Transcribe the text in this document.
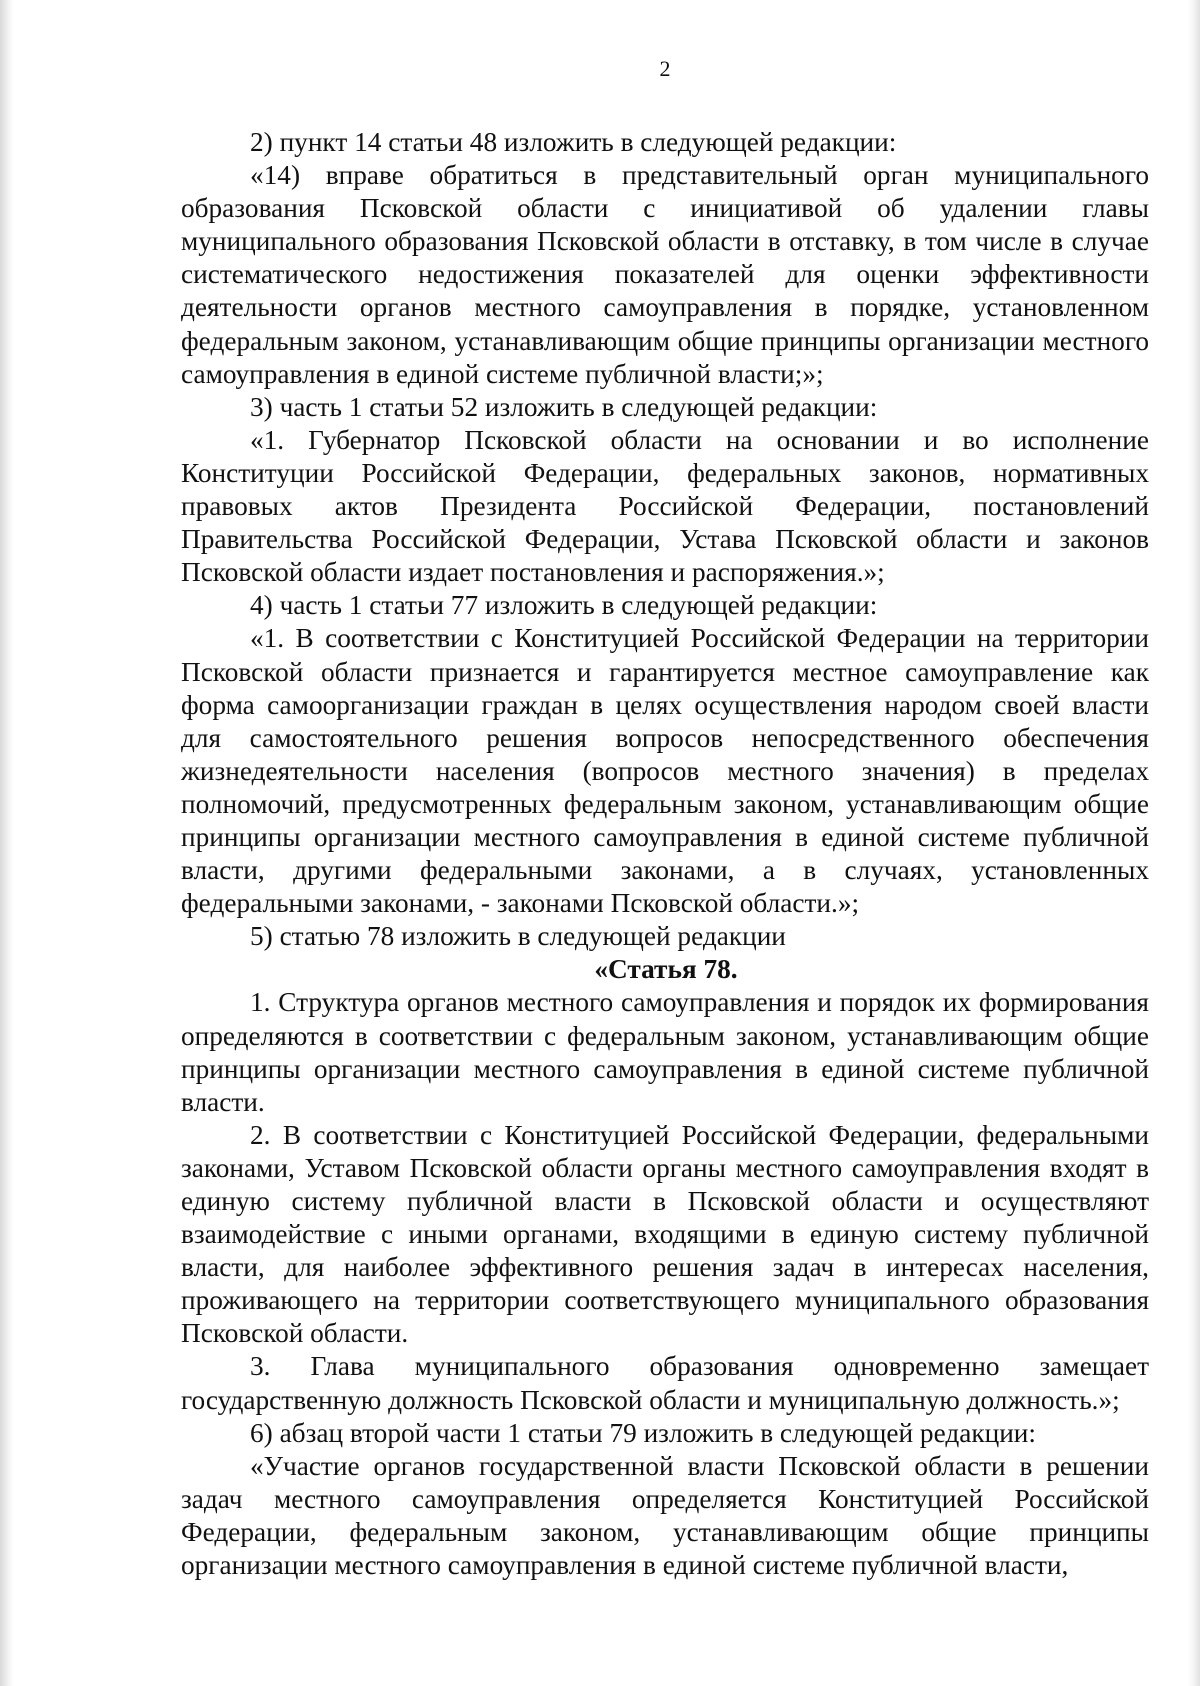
2

2) пункт 14 статьи 48 изложить в следующей редакции:

«14) вправе обратиться в представительный орган муниципального образования Псковской области с инициативой об удалении главы муниципального образования Псковской области в отставку, в том числе в случае систематического недостижения показателей для оценки эффективности деятельности органов местного самоуправления в порядке, установленном федеральным законом, устанавливающим общие принципы организации местного самоуправления в единой системе публичной власти;»;

3) часть 1 статьи 52 изложить в следующей редакции:

«1. Губернатор Псковской области на основании и во исполнение Конституции Российской Федерации, федеральных законов, нормативных правовых актов Президента Российской Федерации, постановлений Правительства Российской Федерации, Устава Псковской области и законов Псковской области издает постановления и распоряжения.»;

4) часть 1 статьи 77 изложить в следующей редакции:

«1. В соответствии с Конституцией Российской Федерации на территории Псковской области признается и гарантируется местное самоуправление как форма самоорганизации граждан в целях осуществления народом своей власти для самостоятельного решения вопросов непосредственного обеспечения жизнедеятельности населения (вопросов местного значения) в пределах полномочий, предусмотренных федеральным законом, устанавливающим общие принципы организации местного самоуправления в единой системе публичной власти, другими федеральными законами, а в случаях, установленных федеральными законами, - законами Псковской области.»;

5) статью 78 изложить в следующей редакции

«Статья 78.

1. Структура органов местного самоуправления и порядок их формирования определяются в соответствии с федеральным законом, устанавливающим общие принципы организации местного самоуправления в единой системе публичной власти.

2. В соответствии с Конституцией Российской Федерации, федеральными законами, Уставом Псковской области органы местного самоуправления входят в единую систему публичной власти в Псковской области и осуществляют взаимодействие с иными органами, входящими в единую систему публичной власти, для наиболее эффективного решения задач в интересах населения, проживающего на территории соответствующего муниципального образования Псковской области.

3. Глава муниципального образования одновременно замещает государственную должность Псковской области и муниципальную должность.»;

6) абзац второй части 1 статьи 79 изложить в следующей редакции:

«Участие органов государственной власти Псковской области в решении задач местного самоуправления определяется Конституцией Российской Федерации, федеральным законом, устанавливающим общие принципы организации местного самоуправления в единой системе публичной власти,
